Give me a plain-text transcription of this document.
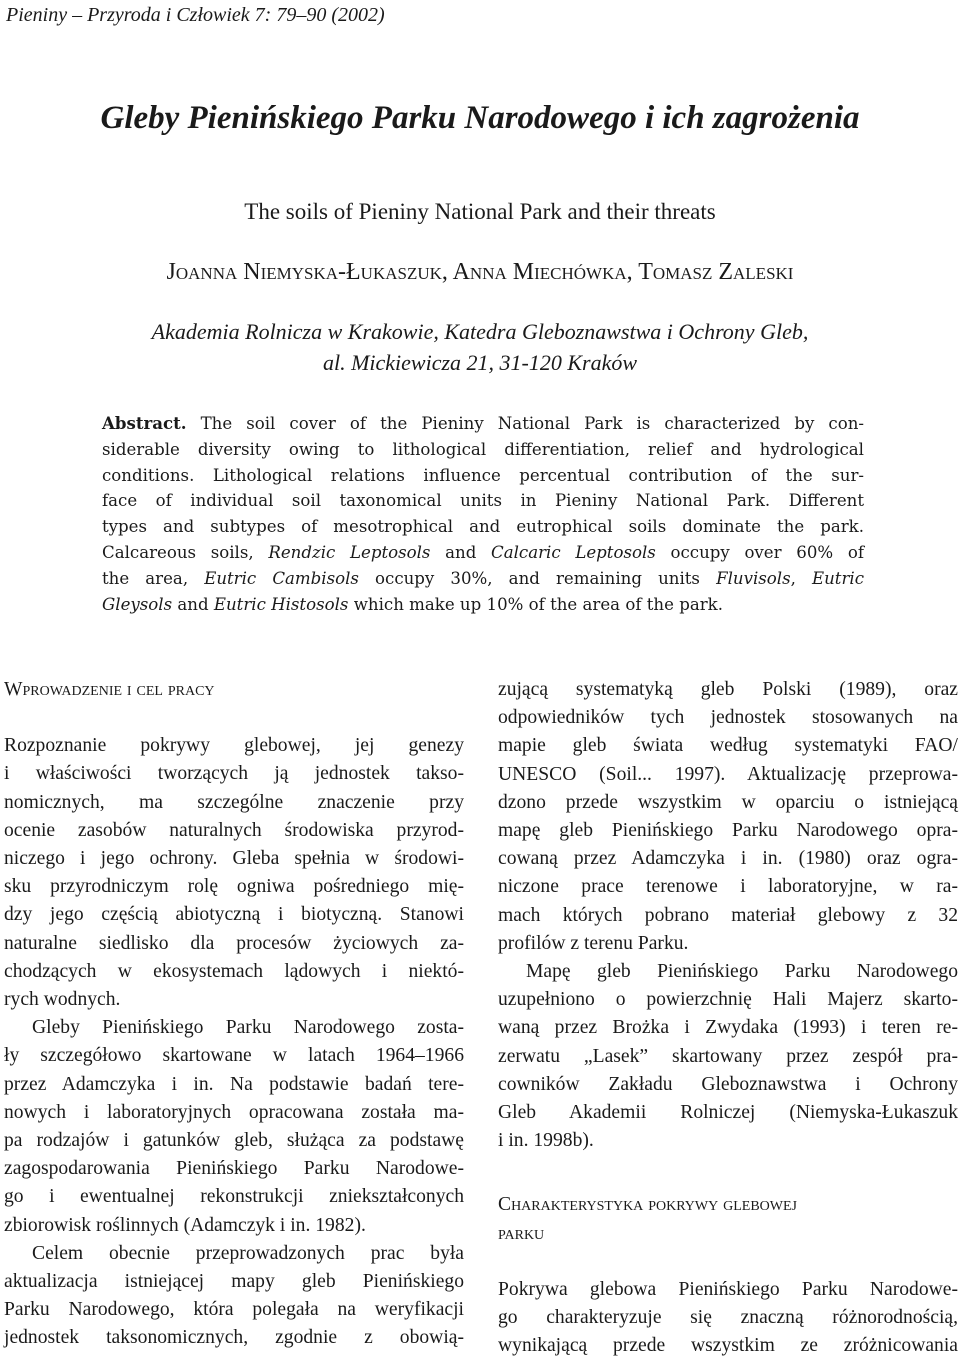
Pieniny – Przyroda i Człowiek 7: 79–90 (2002)
Gleby Pienińskiego Parku Narodowego i ich zagrożenia
The soils of Pieniny National Park and their threats
Joanna Niemyska-Łukaszuk, Anna Miechówka, Tomasz Zaleski
Akademia Rolnicza w Krakowie, Katedra Gleboznawstwa i Ochrony Gleb,
al. Mickiewicza 21, 31-120 Kraków
Abstract. The soil cover of the Pieniny National Park is characterized by con-
siderable diversity owing to lithological differentiation, relief and hydrological
conditions. Lithological relations influence percentual contribution of the sur-
face of individual soil taxonomical units in Pieniny National Park. Different
types and subtypes of mesotrophical and eutrophical soils dominate the park.
Calcareous soils, Rendzic Leptosols and Calcaric Leptosols occupy over 60% of
the area, Eutric Cambisols occupy 30%, and remaining units Fluvisols, Eutric
Gleysols and Eutric Histosols which make up 10% of the area of the park.
Wprowadzenie i cel pracy
Rozpoznanie pokrywy glebowej, jej genezy
i właściwości tworzących ją jednostek takso-
nomicznych, ma szczególne znaczenie przy
ocenie zasobów naturalnych środowiska przyrod-
niczego i jego ochrony. Gleba spełnia w środowi-
sku przyrodniczym rolę ogniwa pośredniego mię-
dzy jego częścią abiotyczną i biotyczną. Stanowi
naturalne siedlisko dla procesów życiowych za-
chodzących w ekosystemach lądowych i niektó-
rych wodnych.
Gleby Pienińskiego Parku Narodowego zosta-
ły szczegółowo skartowane w latach 1964–1966
przez Adamczyka i in. Na podstawie badań tere-
nowych i laboratoryjnych opracowana została ma-
pa rodzajów i gatunków gleb, służąca za podstawę
zagospodarowania Pienińskiego Parku Narodowe-
go i ewentualnej rekonstrukcji zniekształconych
zbiorowisk roślinnych (Adamczyk i in. 1982).
Celem obecnie przeprowadzonych prac była
aktualizacja istniejącej mapy gleb Pienińskiego
Parku Narodowego, która polegała na weryfikacji
jednostek taksonomicznych, zgodnie z obowią-
zującą systematyką gleb Polski (1989), oraz
odpowiedników tych jednostek stosowanych na
mapie gleb świata według systematyki FAO/
UNESCO (Soil... 1997). Aktualizację przeprowa-
dzono przede wszystkim w oparciu o istniejącą
mapę gleb Pienińskiego Parku Narodowego opra-
cowaną przez Adamczyka i in. (1980) oraz ogra-
niczone prace terenowe i laboratoryjne, w ra-
mach których pobrano materiał glebowy z 32
profilów z terenu Parku.
Mapę gleb Pienińskiego Parku Narodowego
uzupełniono o powierzchnię Hali Majerz skarto-
waną przez Brożka i Zwydaka (1993) i teren re-
zerwatu „Lasek” skartowany przez zespół pra-
cowników Zakładu Gleboznawstwa i Ochrony
Gleb Akademii Rolniczej (Niemyska-Łukaszuk
i in. 1998b).
Charakterystyka pokrywy glebowej
parku
Pokrywa glebowa Pienińskiego Parku Narodowe-
go charakteryzuje się znaczną różnorodnością,
wynikającą przede wszystkim ze zróżnicowania
